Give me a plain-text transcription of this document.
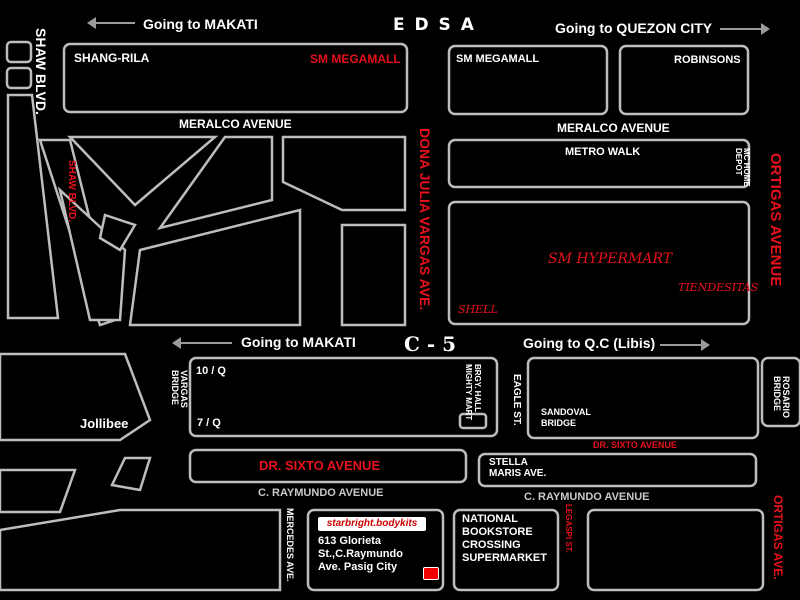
Going to MAKATI	E D S A	Going to QUEZON CITY
SHAW BLVD.
SHAW BLVD.
SHANG-RILA	SM MEGAMALL	SM MEGAMALL	ROBINSONS
MERALCO AVENUE	MERALCO AVENUE
DONA JULIA VARGAS AVE.	ORTIGAS AVENUE
METRO WALK	MC HOME DEPOT
SM HYPERMART
SHELL
TIENDESITAS
Going to MAKATI C - 5	Going to Q.C (Libis)
VARGAS BRIDGE	10 / Q
7 / Q
BRGY. HALL
MIGHTY MART	EAGLE ST.
Jollibee
SANDOVAL
BRIDGE
ROSARIO BRIDGE
DR. SIXTO AVENUE
DR. SIXTO AVENUE	STELLA
MARIS AVE.
C. RAYMUNDO AVENUE	C. RAYMUNDO AVENUE
MERCEDES AVE.	starbright.bodykits
613 Glorieta
St.,C.Raymundo
Ave. Pasig City
NATIONAL
BOOKSTORE
CROSSING
SUPERMARKET
LEGASPI ST.	ORTIGAS AVE.
